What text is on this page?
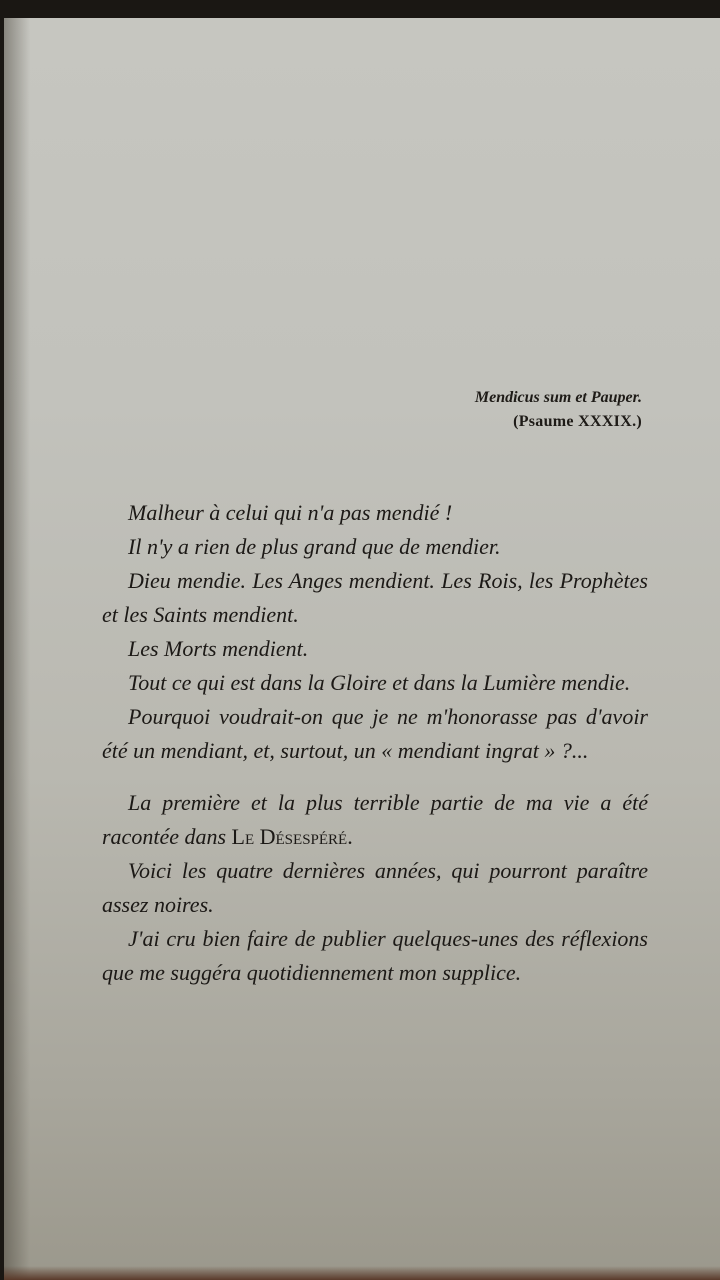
Mendicus sum et Pauper.
(Psaume XXXIX.)

Malheur à celui qui n'a pas mendié !

Il n'y a rien de plus grand que de mendier.

Dieu mendie. Les Anges mendient. Les Rois, les Prophètes et les Saints mendient.

Les Morts mendient.

Tout ce qui est dans la Gloire et dans la Lumière mendie.

Pourquoi voudrait-on que je ne m'honorasse pas d'avoir été un mendiant, et, surtout, un « mendiant ingrat » ?...

La première et la plus terrible partie de ma vie a été racontée dans Le Désespéré.

Voici les quatre dernières années, qui pourront paraître assez noires.

J'ai cru bien faire de publier quelques-unes des réflexions que me suggéra quotidiennement mon supplice.
